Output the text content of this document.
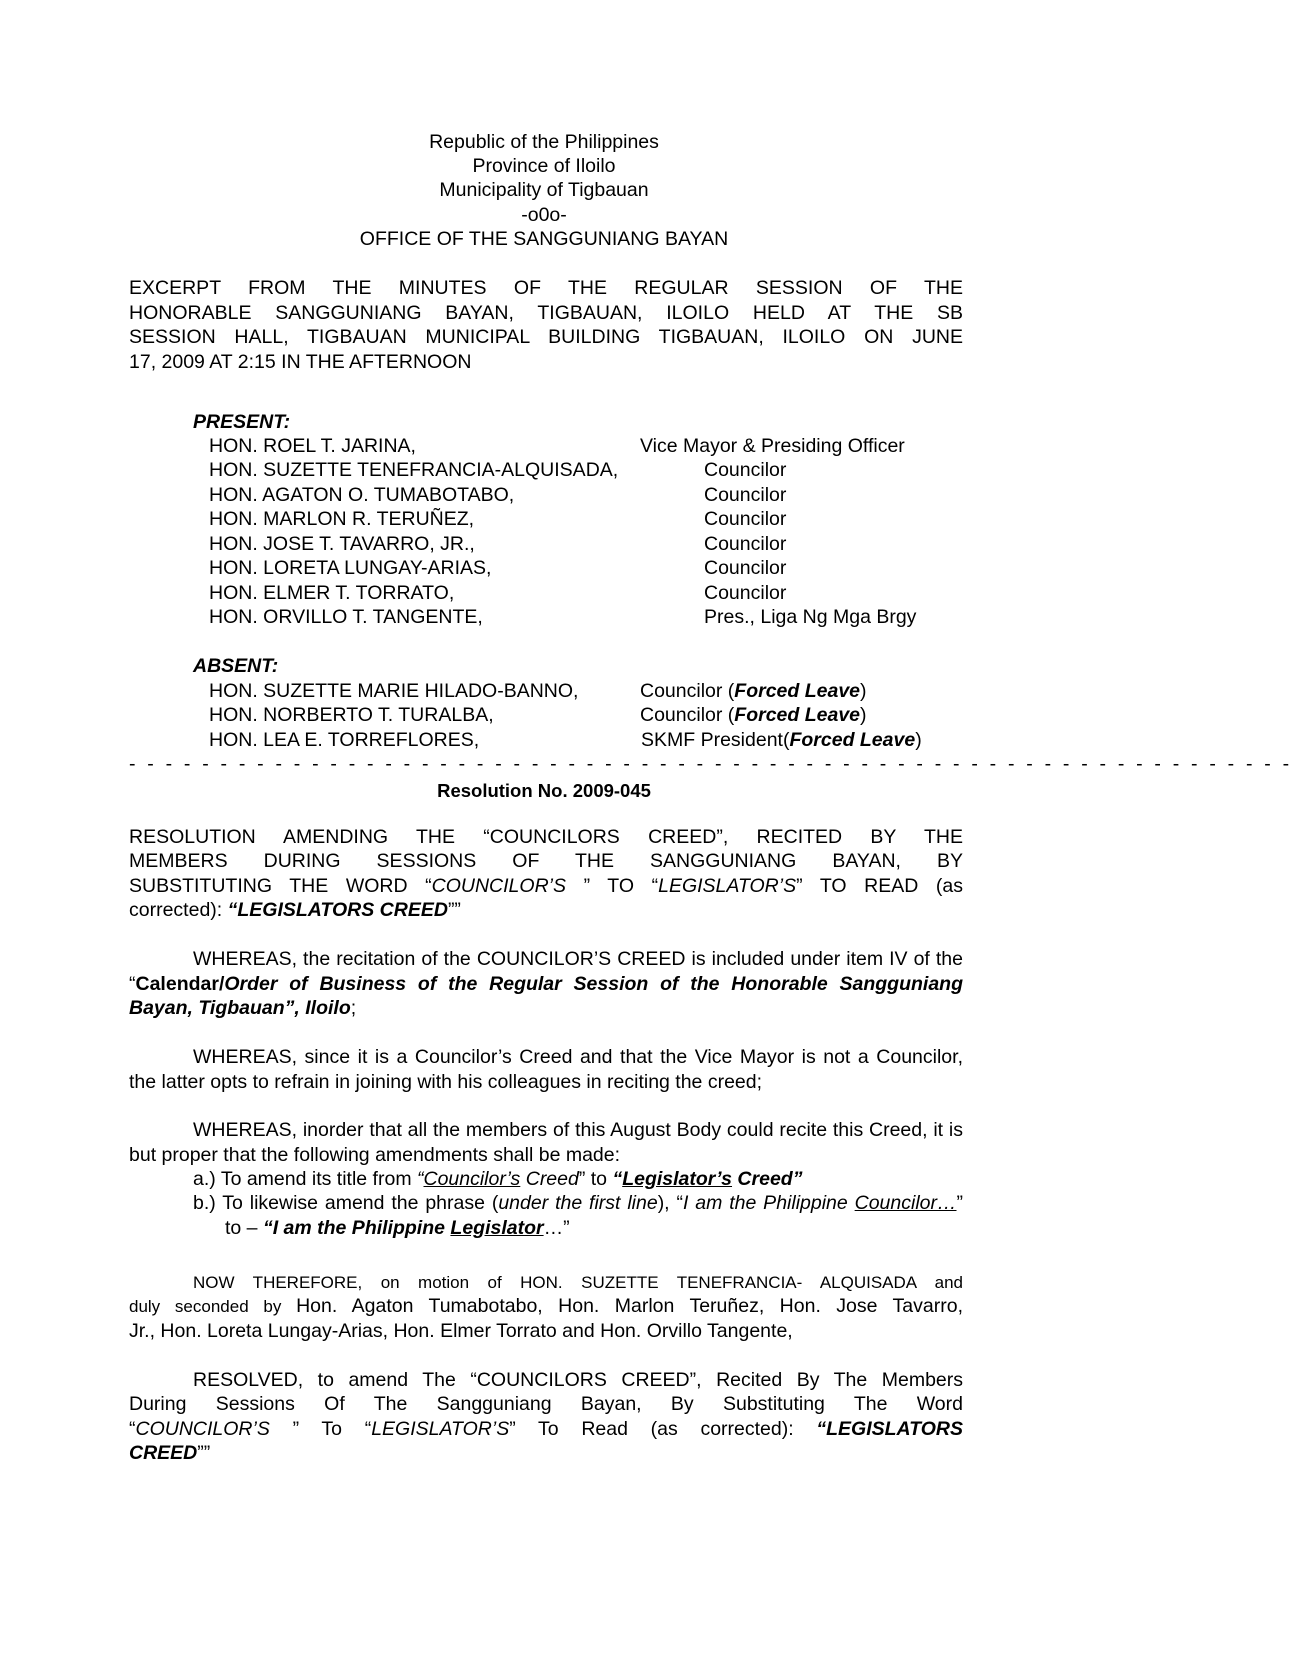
Republic of the Philippines
Province of Iloilo
Municipality of Tigbauan
-o0o-
OFFICE OF THE SANGGUNIANG BAYAN
EXCERPT FROM THE MINUTES OF THE REGULAR SESSION OF THE
HONORABLE SANGGUNIANG BAYAN, TIGBAUAN, ILOILO HELD AT THE SB
SESSION HALL, TIGBAUAN MUNICIPAL BUILDING TIGBAUAN, ILOILO ON JUNE
17, 2009 AT 2:15 IN THE AFTERNOON
PRESENT:
HON. ROEL T. JARINA,	Vice Mayor & Presiding Officer
HON. SUZETTE TENEFRANCIA-ALQUISADA,	Councilor
HON. AGATON O. TUMABOTABO,	Councilor
HON. MARLON R. TERUÑEZ,	Councilor
HON. JOSE T. TAVARRO, JR.,	Councilor
HON. LORETA LUNGAY-ARIAS,	Councilor
HON. ELMER T. TORRATO,	Councilor
HON. ORVILLO T. TANGENTE,	Pres., Liga Ng Mga Brgy
ABSENT:
HON. SUZETTE MARIE HILADO-BANNO,	Councilor (Forced Leave)
HON. NORBERTO T. TURALBA,	Councilor (Forced Leave)
HON. LEA E. TORREFLORES,	SKMF President(Forced Leave)
- - - - - - - - - - - - - - - - - - - - - - - - - - - - - - - - - - - - - - - - - - - - - - - - - - - - - - - - - - - - - - - -
Resolution No. 2009-045
RESOLUTION AMENDING THE “COUNCILORS CREED”, RECITED BY THE
MEMBERS DURING SESSIONS OF THE SANGGUNIANG BAYAN, BY
SUBSTITUTING THE WORD “COUNCILOR’S ” TO “LEGISLATOR’S” TO READ (as
corrected): “LEGISLATORS CREED””
WHEREAS, the recitation of the COUNCILOR’S CREED is included under item IV of the “Calendar/Order of Business of the Regular Session of the Honorable Sangguniang Bayan, Tigbauan”, Iloilo;
WHEREAS, since it is a Councilor’s Creed and that the Vice Mayor is not a Councilor, the latter opts to refrain in joining with his colleagues in reciting the creed;
WHEREAS, inorder that all the members of this August Body could recite this Creed, it is but proper that the following amendments shall be made:
a.) To amend its title from “Councilor’s Creed” to “Legislator’s Creed”
b.) To likewise amend the phrase (under the first line), “I am the Philippine Councilor…” to – “I am the Philippine Legislator…”
NOW THEREFORE, on motion of HON. SUZETTE TENEFRANCIA- ALQUISADA and
duly seconded by Hon. Agaton Tumabotabo, Hon. Marlon Teruñez, Hon. Jose Tavarro,
Jr., Hon. Loreta Lungay-Arias, Hon. Elmer Torrato and Hon. Orvillo Tangente,
RESOLVED, to amend The “COUNCILORS CREED”, Recited By The Members
During Sessions Of The Sangguniang Bayan, By Substituting The Word
“COUNCILOR’S ” To “LEGISLATOR’S” To Read (as corrected): “LEGISLATORS
CREED””
